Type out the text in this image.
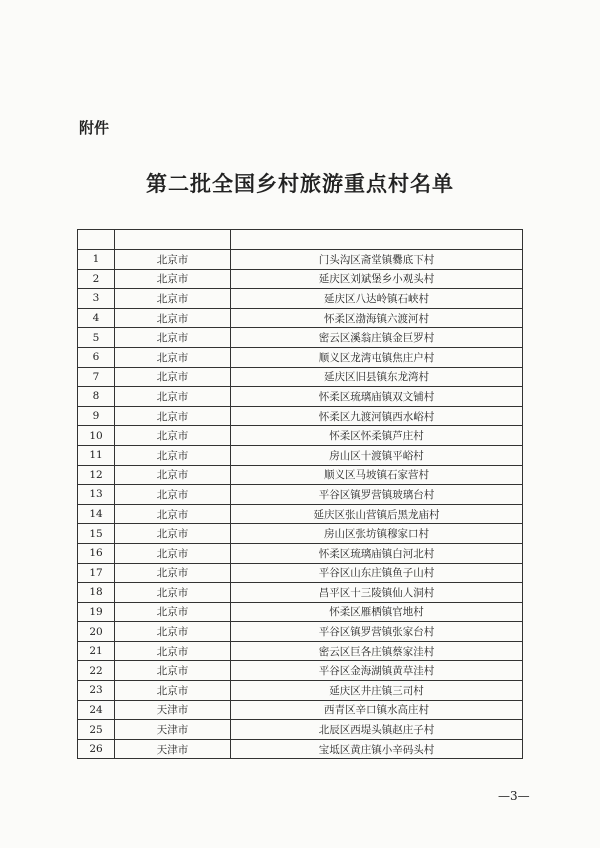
附件
第二批全国乡村旅游重点村名单

1	北京市	门头沟区斋堂镇爨底下村
2	北京市	延庆区刘斌堡乡小观头村
3	北京市	延庆区八达岭镇石峡村
4	北京市	怀柔区渤海镇六渡河村
5	北京市	密云区溪翁庄镇金巨罗村
6	北京市	顺义区龙湾屯镇焦庄户村
7	北京市	延庆区旧县镇东龙湾村
8	北京市	怀柔区琉璃庙镇双文铺村
9	北京市	怀柔区九渡河镇西水峪村
10	北京市	怀柔区怀柔镇芦庄村
11	北京市	房山区十渡镇平峪村
12	北京市	顺义区马坡镇石家营村
13	北京市	平谷区镇罗营镇玻璃台村
14	北京市	延庆区张山营镇后黑龙庙村
15	北京市	房山区张坊镇穆家口村
16	北京市	怀柔区琉璃庙镇白河北村
17	北京市	平谷区山东庄镇鱼子山村
18	北京市	昌平区十三陵镇仙人洞村
19	北京市	怀柔区雁栖镇官地村
20	北京市	平谷区镇罗营镇张家台村
21	北京市	密云区巨各庄镇蔡家洼村
22	北京市	平谷区金海湖镇黄草洼村
23	北京市	延庆区井庄镇三司村
24	天津市	西青区辛口镇水高庄村
25	天津市	北辰区西堤头镇赵庄子村
26	天津市	宝坻区黄庄镇小辛码头村
—3—
